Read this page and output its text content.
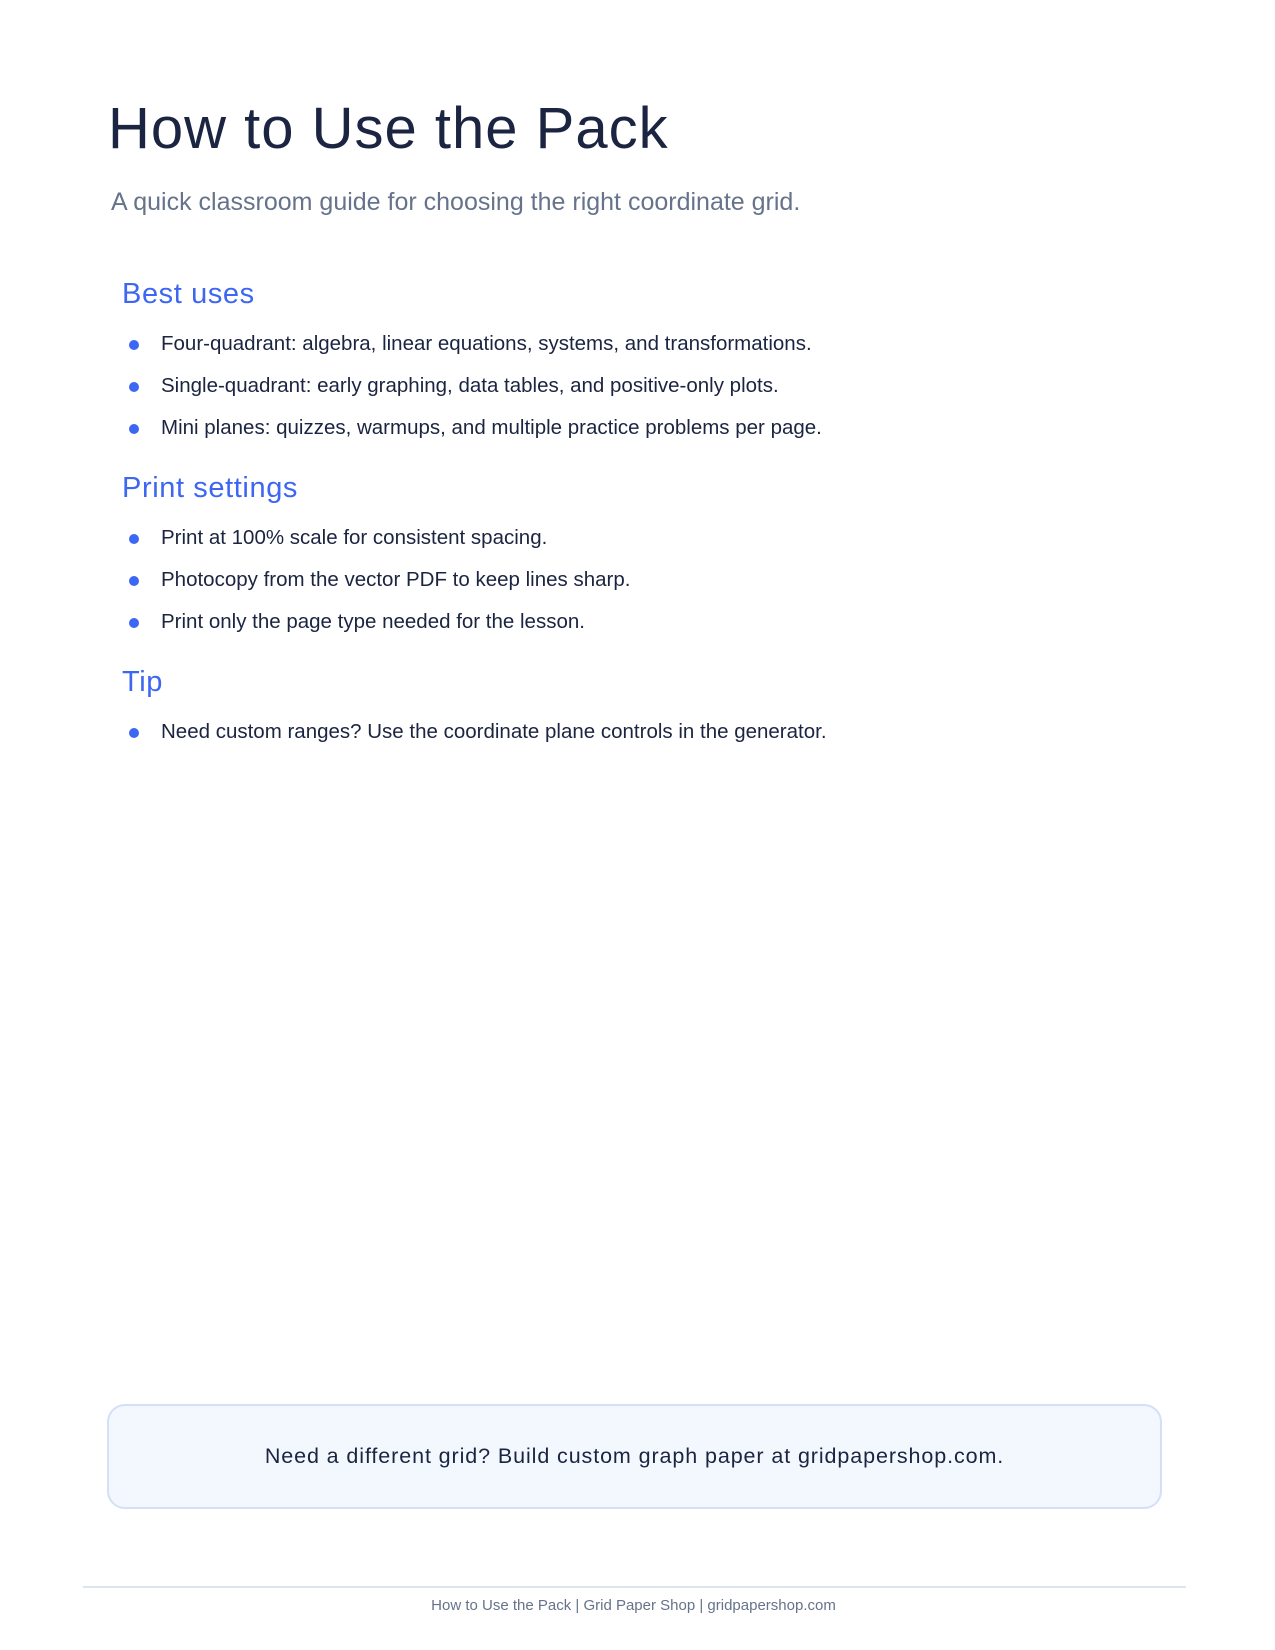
How to Use the Pack

A quick classroom guide for choosing the right coordinate grid.

Best uses
Four-quadrant: algebra, linear equations, systems, and transformations.
Single-quadrant: early graphing, data tables, and positive-only plots.
Mini planes: quizzes, warmups, and multiple practice problems per page.
Print settings
Print at 100% scale for consistent spacing.
Photocopy from the vector PDF to keep lines sharp.
Print only the page type needed for the lesson.
Tip
Need custom ranges? Use the coordinate plane controls in the generator.
Need a different grid? Build custom graph paper at gridpapershop.com.
How to Use the Pack | Grid Paper Shop | gridpapershop.com
